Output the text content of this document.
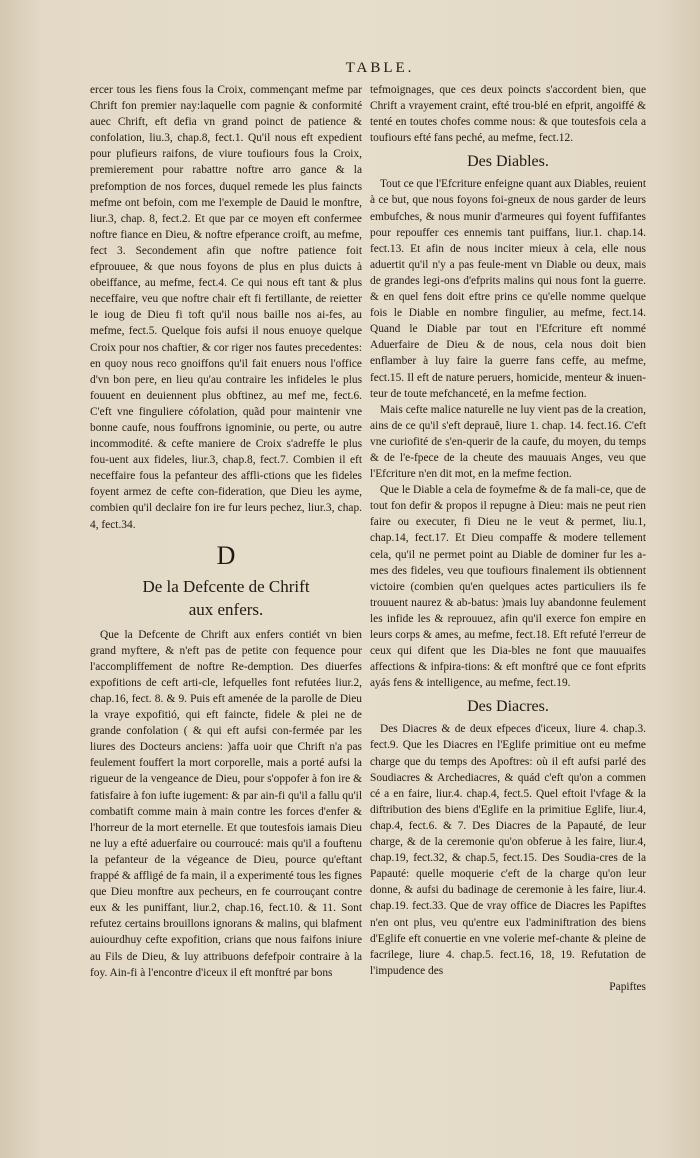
TABLE.

ercer tous les fiens fous la Croix, commençant mefme par Chrift fon premier nay:laquelle com pagnie & conformité auec Chrift, eft defia vn grand poinct de patience & confolation, liu.3, chap.8, fect.1. Qu'il nous eft expedient pour plufieurs raifons, de viure toufiours fous la Croix, premierement pour rabattre noftre arro gance & la prefomption de nos forces, duquel remede les plus faincts mefme ont befoin, com me l'exemple de Dauid le monftre, liur.3, chap. 8, fect.2. Et que par ce moyen eft confermee noftre fiance en Dieu, & noftre efperance croift, au mefme, fect 3. Secondement afin que noftre patience foit efprouuee, & que nous foyons de plus en plus duicts à obeiffance, au mefme, fect.4. Ce qui nous eft tant & plus neceffaire, veu que noftre chair eft fi fertillante, de reietter le ioug de Dieu fi toft qu'il nous baille nos ai-fes, au mefme, fect.5. Quelque fois aufsi il nous enuoye quelque Croix pour nos chaftier, & cor riger nos fautes precedentes: en quoy nous reco gnoiffons qu'il fait enuers nous l'office d'vn bon pere, en lieu qu'au contraire les infideles le plus fouuent en deuiennent plus obftinez, au mef me, fect.6. C'eft vne finguliere cófolation, quãd pour maintenir vne bonne caufe, nous fouffrons ignominie, ou perte, ou autre incommodité. & cefte maniere de Croix s'adreffe le plus fou-uent aux fideles, liur.3, chap.8, fect.7. Combien il eft neceffaire fous la pefanteur des affli-ctions que les fideles foyent armez de cefte con-fideration, que Dieu les ayme, combien qu'il declaire fon ire fur leurs pechez, liur.3, chap. 4, fect.34.

D
De la Defcente de Chrift
aux enfers.

Que la Defcente de Chrift aux enfers contiét vn bien grand myftere, & n'eft pas de petite con fequence pour l'accompliffement de noftre Re-demption. Des diuerfes expofitions de ceft arti-cle, lefquelles font refutées liur.2, chap.16, fect. 8. & 9. Puis eft amenée de la parolle de Dieu la vraye expofitió, qui eft faincte, fidele & plei ne de grande confolation ( & qui eft aufsi con-fermée par les liures des Docteurs anciens: )affa uoir que Chrift n'a pas feulement fouffert la mort corporelle, mais a porté aufsi la rigueur de la vengeance de Dieu, pour s'oppofer à fon ire & fatisfaire à fon iufte iugement: & par ain-fi qu'il a fallu qu'il combatift comme main à main contre les forces d'enfer & l'horreur de la mort eternelle. Et que toutesfois iamais Dieu ne luy a efté aduerfaire ou courroucé: mais qu'il a fouftenu la pefanteur de la végeance de Dieu, pource qu'eftant frappé & affligé de fa main, il a experimenté tous les fignes que Dieu monftre aux pecheurs, en fe courrouçant contre eux & les puniffant, liur.2, chap.16, fect.10. & 11. Sont refutez certains brouillons ignorans & malins, qui blafment auiourdhuy cefte expofition, crians que nous faifons iniure au Fils de Dieu, & luy attribuons defefpoir contraire à la foy. Ain-fi à l'encontre d'iceux il eft monftré par bons

tefmoignages, que ces deux poincts s'accordent bien, que Chrift a vrayement craint, efté trou-blé en efprit, angoiffé & tenté en toutes chofes comme nous: & que toutesfois cela a toufiours efté fans peché, au mefme, fect.12.

Des Diables.

Tout ce que l'Efcriture enfeigne quant aux Diables, reuient à ce but, que nous foyons foi-gneux de nous garder de leurs embufches, & nous munir d'armeures qui foyent fuffifantes pour repouffer ces ennemis tant puiffans, liur.1. chap.14. fect.13. Et afin de nous inciter mieux à cela, elle nous aduertit qu'il n'y a pas feule-ment vn Diable ou deux, mais de grandes legi-ons d'efprits malins qui nous font la guerre. & en quel fens doit eftre prins ce qu'elle nomme quelque fois le Diable en nombre fingulier, au mefme, fect.14. Quand le Diable par tout en l'Efcriture eft nommé Aduerfaire de Dieu & de nous, cela nous doit bien enflamber à luy faire la guerre fans ceffe, au mefme, fect.15. Il eft de nature peruers, homicide, menteur & inuen-teur de toute mefchanceté, en la mefme fection.

Mais cefte malice naturelle ne luy vient pas de la creation, ains de ce qu'il s'eft deprauê, liure 1. chap. 14. fect.16. C'eft vne curiofité de s'en-querir de la caufe, du moyen, du temps & de l'e-fpece de la cheute des mauuais Anges, veu que l'Efcriture n'en dit mot, en la mefme fection.

Que le Diable a cela de foymefme & de fa mali-ce, que de tout fon defir & propos il repugne à Dieu: mais ne peut rien faire ou executer, fi Dieu ne le veut & permet, liu.1, chap.14, fect.17. Et Dieu compaffe & modere tellement cela, qu'il ne permet point au Diable de dominer fur les a-mes des fideles, veu que toufiours finalement ils obtiennent victoire (combien qu'en quelques actes particuliers ils fe trouuent naurez & ab-batus: )mais luy abandonne feulement les infide les & reprouuez, afin qu'il exerce fon empire en leurs corps & ames, au mefme, fect.18. Eft refuté l'erreur de ceux qui difent que les Dia-bles ne font que mauuaifes affections & infpira-tions: & eft monftré que ce font efprits ayás fens & intelligence, au mefme, fect.19.

Des Diacres.

Des Diacres & de deux efpeces d'iceux, liure 4. chap.3. fect.9. Que les Diacres en l'Eglife primitiue ont eu mefme charge que du temps des Apoftres: où il eft aufsi parlé des Soudiacres & Archediacres, & quád c'eft qu'on a commen cé a en faire, liur.4. chap.4, fect.5. Quel eftoit l'vfage & la diftribution des biens d'Eglife en la primitiue Eglife, liur.4, chap.4, fect.6. & 7. Des Diacres de la Papauté, de leur charge, & de la ceremonie qu'on obferue à les faire, liur.4, chap.19, fect.32, & chap.5, fect.15. Des Soudia-cres de la Papauté: quelle moquerie c'eft de la charge qu'on leur donne, & aufsi du badinage de ceremonie à les faire, liur.4. chap.19. fect.33. Que de vray office de Diacres les Papiftes n'en ont plus, veu qu'entre eux l'adminiftration des biens d'Eglife eft conuertie en vne volerie mef-chante & pleine de facrilege, liure 4. chap.5. fect.16, 18, 19. Refutation de l'impudence des

Papiftes
